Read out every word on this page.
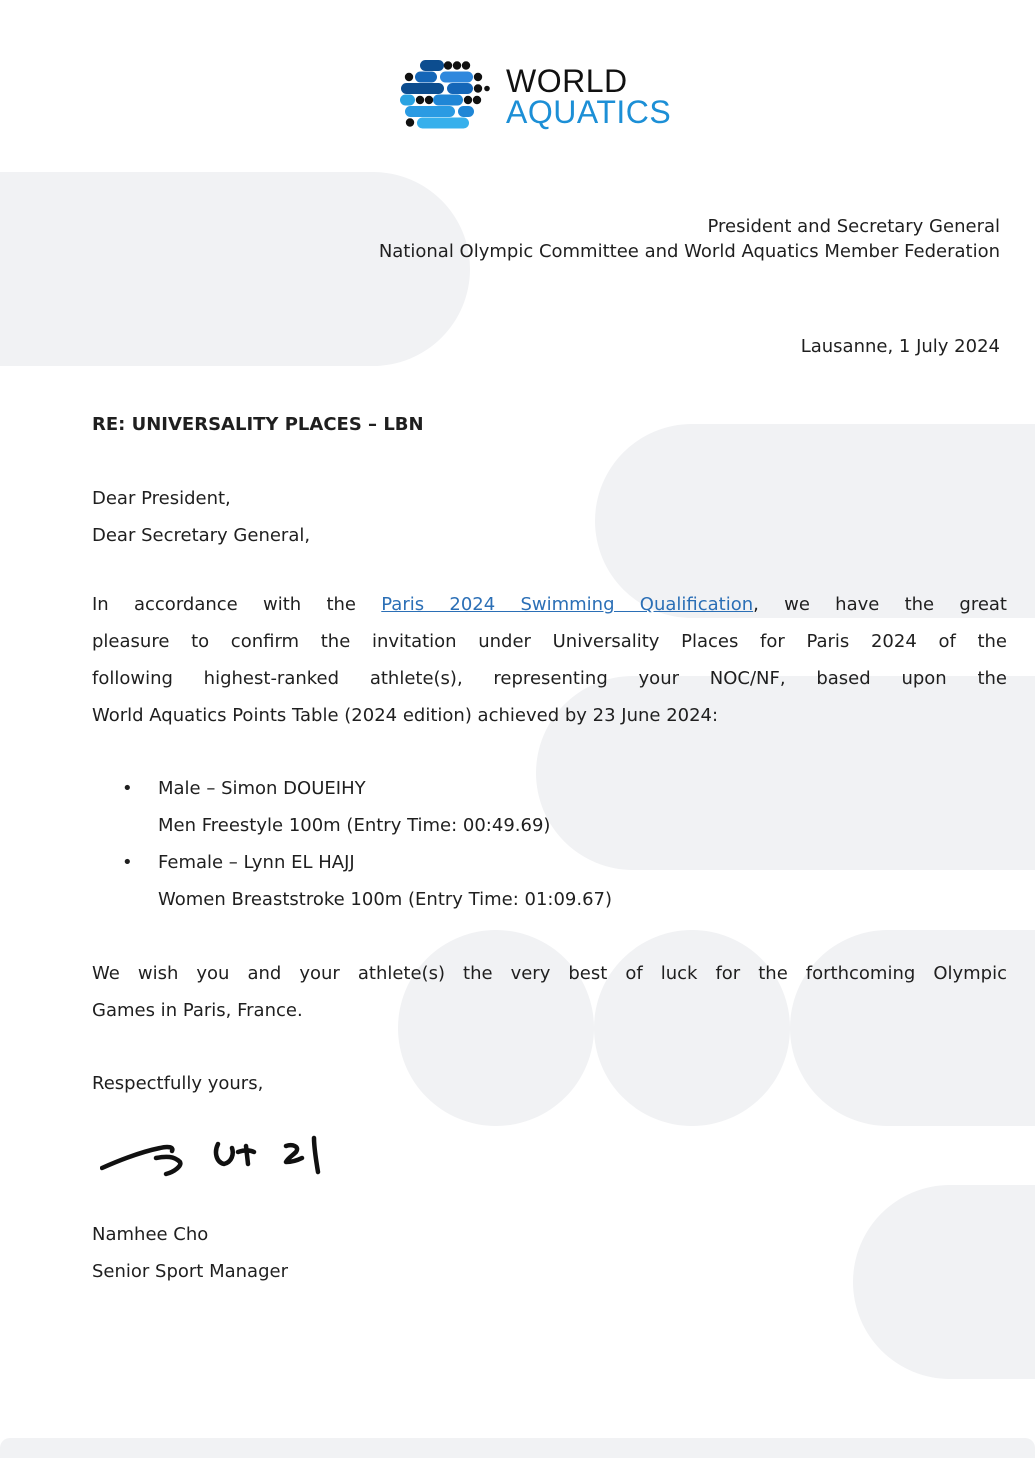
WORLD
AQUATICS
President and Secretary General
National Olympic Committee and World Aquatics Member Federation
Lausanne, 1 July 2024
RE: UNIVERSALITY PLACES – LBN
Dear President,
Dear Secretary General,
In accordance with the Paris 2024 Swimming Qualification, we have the great
pleasure to confirm the invitation under Universality Places for Paris 2024 of the
following highest-ranked athlete(s), representing your NOC/NF, based upon the
World Aquatics Points Table (2024 edition) achieved by 23 June 2024:
• Male – Simon DOUEIHY
Men Freestyle 100m (Entry Time: 00:49.69)
• Female – Lynn EL HAJJ
Women Breaststroke 100m (Entry Time: 01:09.67)
We wish you and your athlete(s) the very best of luck for the forthcoming Olympic
Games in Paris, France.
Respectfully yours,
Namhee Cho
Senior Sport Manager
